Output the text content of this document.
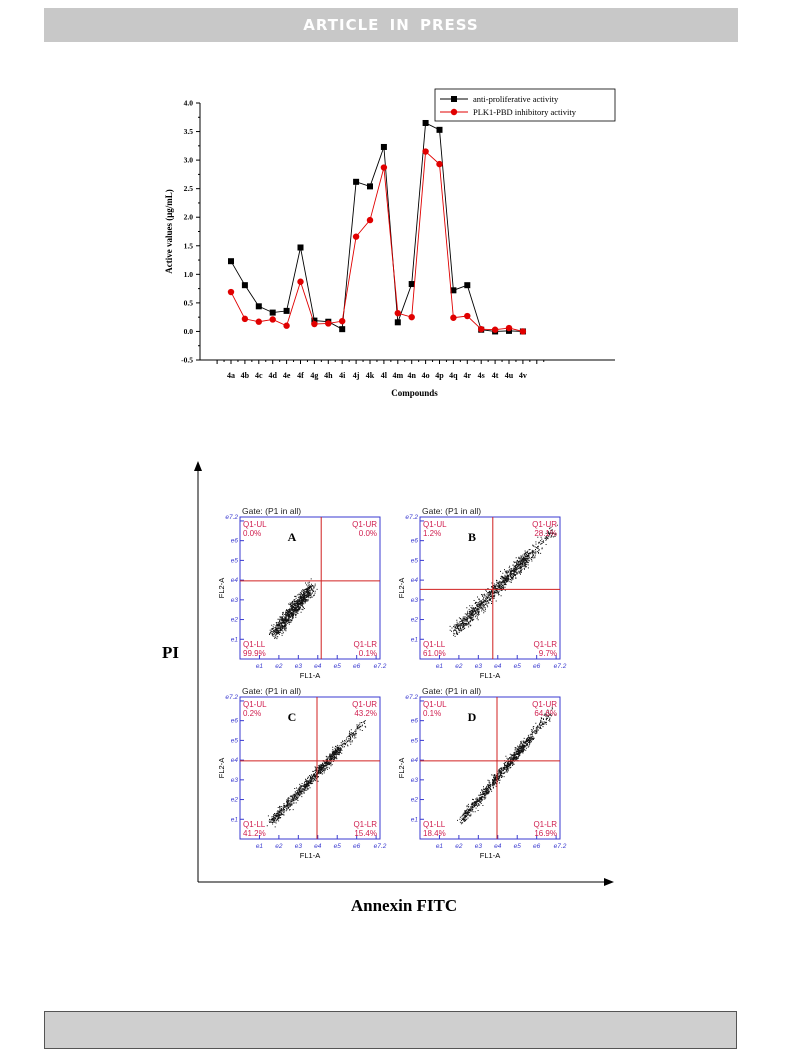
ARTICLE IN PRESS
-0.5
0.0
0.5
1.0
1.5
2.0
2.5
3.0
3.5
4.0
4a 4b 4c 4d 4e 4f 4g 4h 4i 4j 4k 4l 4m 4n 4o 4p 4q 4r 4s 4t 4u 4v
Compounds
Active values (μg/mL)
anti-proliferative activity
PLK1-PBD inhibitory activity
PI
Annexin FITC
Gate: (P1 in all)
e1
e1
e2
e2
e3
e3
e4
e4
e5
e5
e6
e6
e7.2
e7.2
FL1-A
FL2-A
Q1-UL
0.0%
Q1-UR
0.0%
Q1-LL
99.9%
Q1-LR
0.1%
A
Gate: (P1 in all)
e1
e1
e2
e2
e3
e3
e4
e4
e5
e5
e6
e6
e7.2
e7.2
FL1-A
FL2-A
Q1-UL
1.2%
Q1-UR
28.1%
Q1-LL
61.0%
Q1-LR
9.7%
B
Gate: (P1 in all)
e1
e1
e2
e2
e3
e3
e4
e4
e5
e5
e6
e6
e7.2
e7.2
FL1-A
FL2-A
Q1-UL
0.2%
Q1-UR
43.2%
Q1-LL
41.2%
Q1-LR
15.4%
C
Gate: (P1 in all)
e1
e1
e2
e2
e3
e3
e4
e4
e5
e5
e6
e6
e7.2
e7.2
FL1-A
FL2-A
Q1-UL
0.1%
Q1-UR
64.6%
Q1-LL
18.4%
Q1-LR
16.9%
D
